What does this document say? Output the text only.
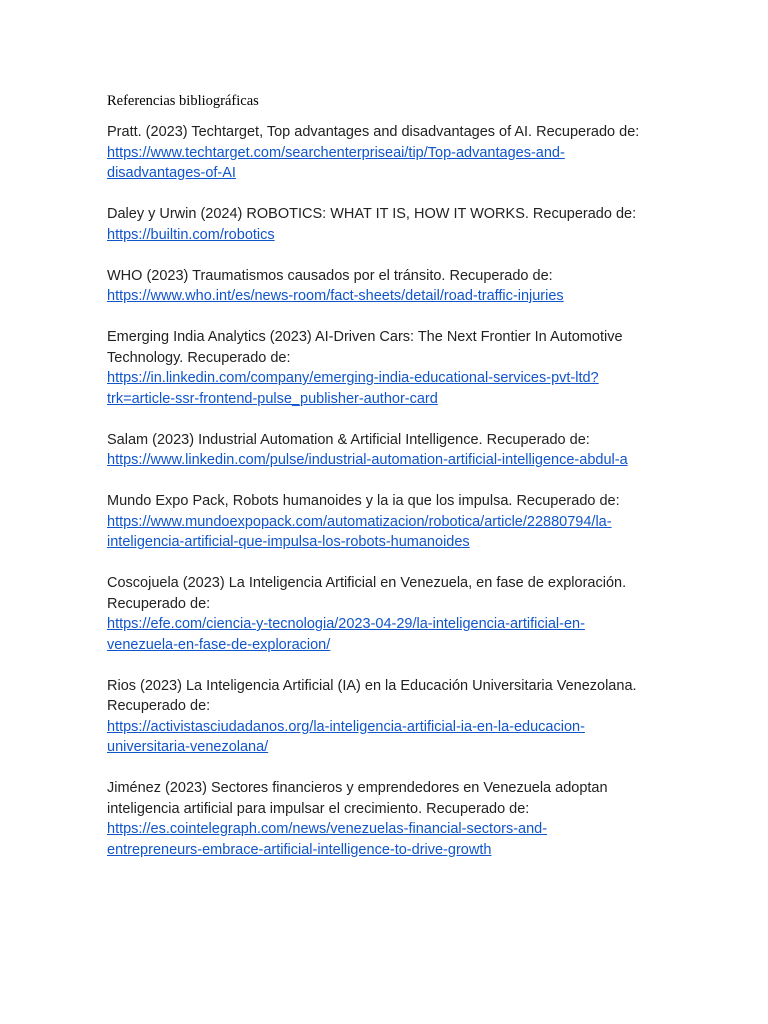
Referencias bibliográficas

Pratt. (2023) Techtarget, Top advantages and disadvantages of AI. Recuperado de:
https://www.techtarget.com/searchenterpriseai/tip/Top-advantages-and-
disadvantages-of-AI

Daley y Urwin (2024) ROBOTICS: WHAT IT IS, HOW IT WORKS. Recuperado de:
https://builtin.com/robotics

WHO (2023) Traumatismos causados por el tránsito. Recuperado de:
https://www.who.int/es/news-room/fact-sheets/detail/road-traffic-injuries

Emerging India Analytics (2023) AI-Driven Cars: The Next Frontier In Automotive Technology. Recuperado de:
https://in.linkedin.com/company/emerging-india-educational-services-pvt-ltd?
trk=article-ssr-frontend-pulse_publisher-author-card

Salam (2023) Industrial Automation & Artificial Intelligence. Recuperado de:
https://www.linkedin.com/pulse/industrial-automation-artificial-intelligence-abdul-a

Mundo Expo Pack, Robots humanoides y la ia que los impulsa. Recuperado de:
https://www.mundoexpopack.com/automatizacion/robotica/article/22880794/la-
inteligencia-artificial-que-impulsa-los-robots-humanoides

Coscojuela (2023) La Inteligencia Artificial en Venezuela, en fase de exploración. Recuperado de:
https://efe.com/ciencia-y-tecnologia/2023-04-29/la-inteligencia-artificial-en-
venezuela-en-fase-de-exploracion/

Rios (2023) La Inteligencia Artificial (IA) en la Educación Universitaria Venezolana. Recuperado de:
https://activistasciudadanos.org/la-inteligencia-artificial-ia-en-la-educacion-
universitaria-venezolana/

Jiménez (2023) Sectores financieros y emprendedores en Venezuela adoptan inteligencia artificial para impulsar el crecimiento. Recuperado de:
https://es.cointelegraph.com/news/venezuelas-financial-sectors-and-
entrepreneurs-embrace-artificial-intelligence-to-drive-growth
